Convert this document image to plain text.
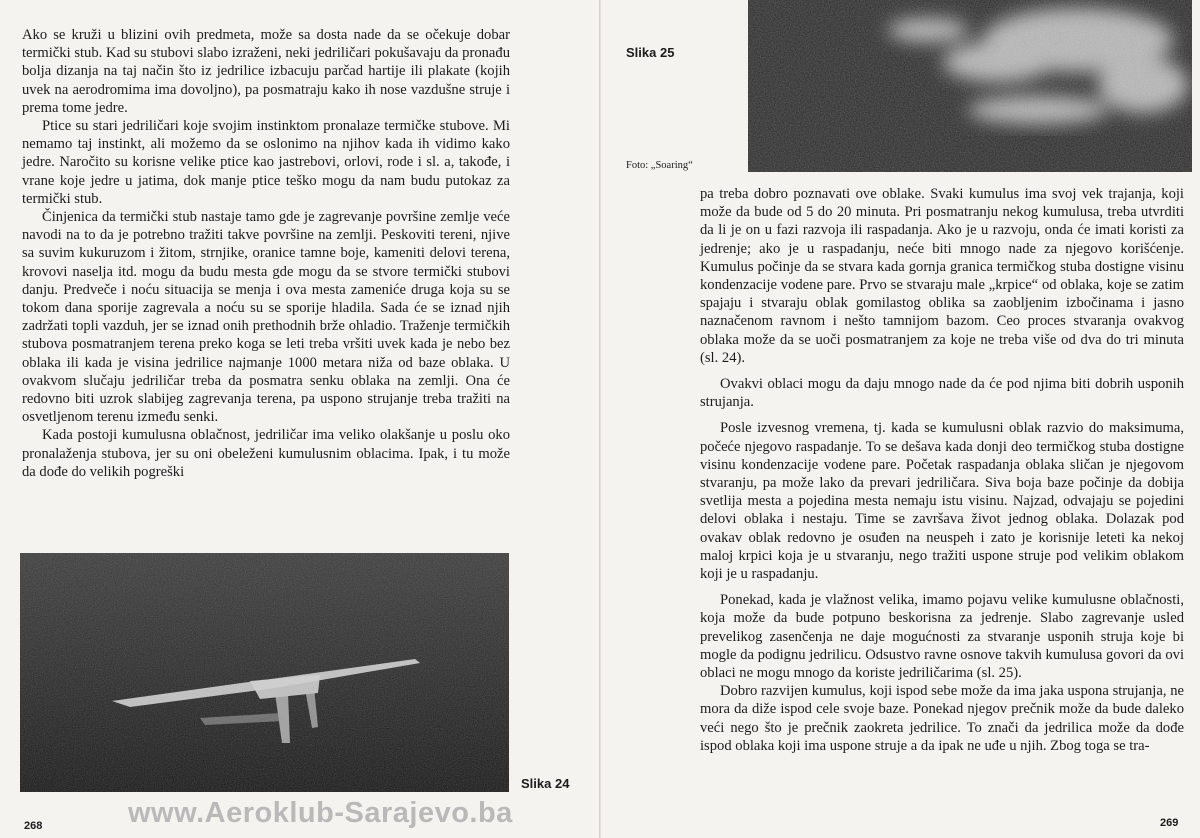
Ako se kruži u blizini ovih predmeta, može sa dosta nade da se očekuje dobar termički stub. Kad su stubovi slabo izraženi, neki jedriličari pokušavaju da pronađu bolja dizanja na taj način što iz jedrilice izbacuju parčad hartije ili plakate (kojih uvek na aerodromima ima dovoljno), pa posmatraju kako ih nose vazdušne struje i prema tome jedre.

Ptice su stari jedriličari koje svojim instinktom pronalaze termičke stubove. Mi nemamo taj instinkt, ali možemo da se oslonimo na njihov kada ih vidimo kako jedre. Naročito su korisne velike ptice kao jastrebovi, orlovi, rode i sl. a, takođe, i vrane koje jedre u jatima, dok manje ptice teško mogu da nam budu putokaz za termički stub.

Činjenica da termički stub nastaje tamo gde je zagrevanje površine zemlje veće navodi na to da je potrebno tražiti takve površine na zemlji. Peskoviti tereni, njive sa suvim kukuruzom i žitom, strnjike, oranice tamne boje, kameniti delovi terena, krovovi naselja itd. mogu da budu mesta gde mogu da se stvore termički stubovi danju. Predveče i noću situacija se menja i ova mesta zamenićе druga koja su se tokom dana sporije zagrevala a noću su se sporije hladila. Sada će se iznad njih zadržati topli vazduh, jer se iznad onih prethodnih brže ohladio. Traženje termičkih stubova posmatranjem terena preko koga se leti treba vršiti uvek kada je nebo bez oblaka ili kada je visina jedrilice najmanje 1000 metara niža od baze oblaka. U ovakvom slučaju jedriličar treba da posmatra senku oblaka na zemlji. Ona će redovno biti uzrok slabijeg zagrevanja terena, pa uspono strujanje treba tražiti na osvetljenom terenu između senki.

Kada postoji kumulusna oblačnost, jedriličar ima veliko olakšanje u poslu oko pronalaženja stubova, jer su oni obeleženi kumulusnim oblacima. Ipak, i tu može da dođe do velikih pogreški

Slika 24
268	www.Aeroklub-Sarajevo.ba
Slika 25
Foto: „Soaring“

pa treba dobro poznavati ove oblake. Svaki kumulus ima svoj vek trajanja, koji može da bude od 5 do 20 minuta. Pri posmatranju nekog kumulusa, treba utvrditi da li je on u fazi razvoja ili raspadanja. Ako je u razvoju, onda će imati koristi za jedrenje; ako je u raspadanju, neće biti mnogo nade za njegovo korišćenje. Kumulus počinje da se stvara kada gornja granica termičkog stuba dostigne visinu kondenzacije vodene pare. Prvo se stvaraju male „krpice“ od oblaka, koje se zatim spajaju i stvaraju oblak gomilastog oblika sa zaobljenim izbočinama i jasno naznačenom ravnom i nešto tamnijom bazom. Ceo proces stvaranja ovakvog oblaka može da se uoči posmatranjem za koje ne treba više od dva do tri minuta (sl. 24).

Ovakvi oblaci mogu da daju mnogo nade da će pod njima biti dobrih usponih strujanja.

Posle izvesnog vremena, tj. kada se kumulusni oblak razvio do maksimuma, počeće njegovo raspadanje. To se dešava kada donji deo termičkog stuba dostigne visinu kondenzacije vodene pare. Početak raspadanja oblaka sličan je njegovom stvaranju, pa može lako da prevari jedriličara. Siva boja baze počinje da dobija svetlija mesta a pojedina mesta nemaju istu visinu. Najzad, odvajaju se pojedini delovi oblaka i nestaju. Time se završava život jednog oblaka. Dolazak pod ovakav oblak redovno je osuđen na neuspeh i zato je korisnije leteti ka nekoj maloj krpici koja je u stvaranju, nego tražiti uspone struje pod velikim oblakom koji je u raspadanju.

Ponekad, kada je vlažnost velika, imamo pojavu velike kumulusne oblačnosti, koja može da bude potpuno beskorisna za jedrenje. Slabo zagrevanje usled prevelikog zasenčenja ne daje mogućnosti za stvaranje usponih struja koje bi mogle da podignu jedrilicu. Odsustvo ravne osnove takvih kumulusa govori da ovi oblaci ne mogu mnogo da koriste jedriličarima (sl. 25).

Dobro razvijen kumulus, koji ispod sebe može da ima jaka uspona strujanja, ne mora da diže ispod cele svoje baze. Ponekad njegov prečnik može da bude daleko veći nego što je prečnik zaokreta jedrilice. To znači da jedrilica može da dođe ispod oblaka koji ima uspone struje a da ipak ne uđe u njih. Zbog toga se tra-

269
